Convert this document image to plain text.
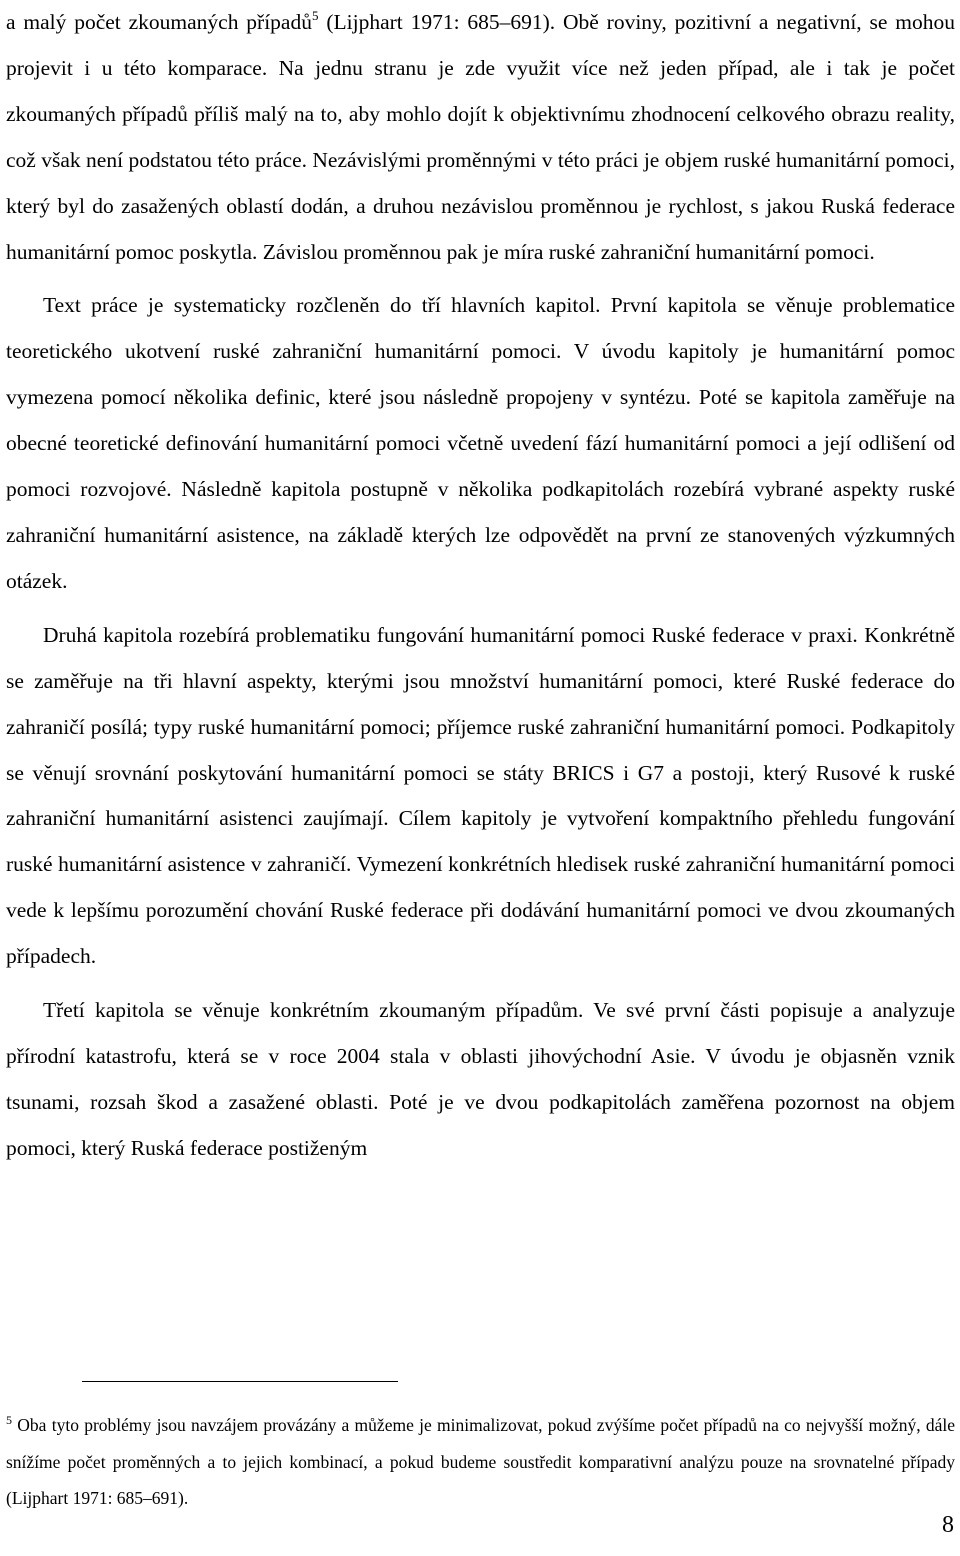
a malý počet zkoumaných případů$^5$ (Lijphart 1971: 685–691). Obě roviny, pozitivní a negativní, se mohou projevit i u této komparace. Na jednu stranu je zde využit více než jeden případ, ale i tak je počet zkoumaných případů příliš malý na to, aby mohlo dojít k objektivnímu zhodnocení celkového obrazu reality, což však není podstatou této práce. Nezávislými proměnnými v této práci je objem ruské humanitární pomoci, který byl do zasažených oblastí dodán, a druhou nezávislou proměnnou je rychlost, s jakou Ruská federace humanitární pomoc poskytla. Závislou proměnnou pak je míra ruské zahraniční humanitární pomoci.

Text práce je systematicky rozčleněn do tří hlavních kapitol. První kapitola se věnuje problematice teoretického ukotvení ruské zahraniční humanitární pomoci. V úvodu kapitoly je humanitární pomoc vymezena pomocí několika definic, které jsou následně propojeny v syntézu. Poté se kapitola zaměřuje na obecné teoretické definování humanitární pomoci včetně uvedení fází humanitární pomoci a její odlišení od pomoci rozvojové. Následně kapitola postupně v několika podkapitolách rozebírá vybrané aspekty ruské zahraniční humanitární asistence, na základě kterých lze odpovědět na první ze stanovených výzkumných otázek.

Druhá kapitola rozebírá problematiku fungování humanitární pomoci Ruské federace v praxi. Konkrétně se zaměřuje na tři hlavní aspekty, kterými jsou množství humanitární pomoci, které Ruské federace do zahraničí posílá; typy ruské humanitární pomoci; příjemce ruské zahraniční humanitární pomoci. Podkapitoly se věnují srovnání poskytování humanitární pomoci se státy BRICS i G7 a postoji, který Rusové k ruské zahraniční humanitární asistenci zaujímají. Cílem kapitoly je vytvoření kompaktního přehledu fungování ruské humanitární asistence v zahraničí. Vymezení konkrétních hledisek ruské zahraniční humanitární pomoci vede k lepšímu porozumění chování Ruské federace při dodávání humanitární pomoci ve dvou zkoumaných případech.

Třetí kapitola se věnuje konkrétním zkoumaným případům. Ve své první části popisuje a analyzuje přírodní katastrofu, která se v roce 2004 stala v oblasti jihovýchodní Asie. V úvodu je objasněn vznik tsunami, rozsah škod a zasažené oblasti. Poté je ve dvou podkapitolách zaměřena pozornost na objem pomoci, který Ruská federace postiženým

$^5$ Oba tyto problémy jsou navzájem provázány a můžeme je minimalizovat, pokud zvýšíme počet případů na co nejvyšší možný, dále snížíme počet proměnných a to jejich kombinací, a pokud budeme soustředit komparativní analýzu pouze na srovnatelné případy (Lijphart 1971: 685–691).

8
